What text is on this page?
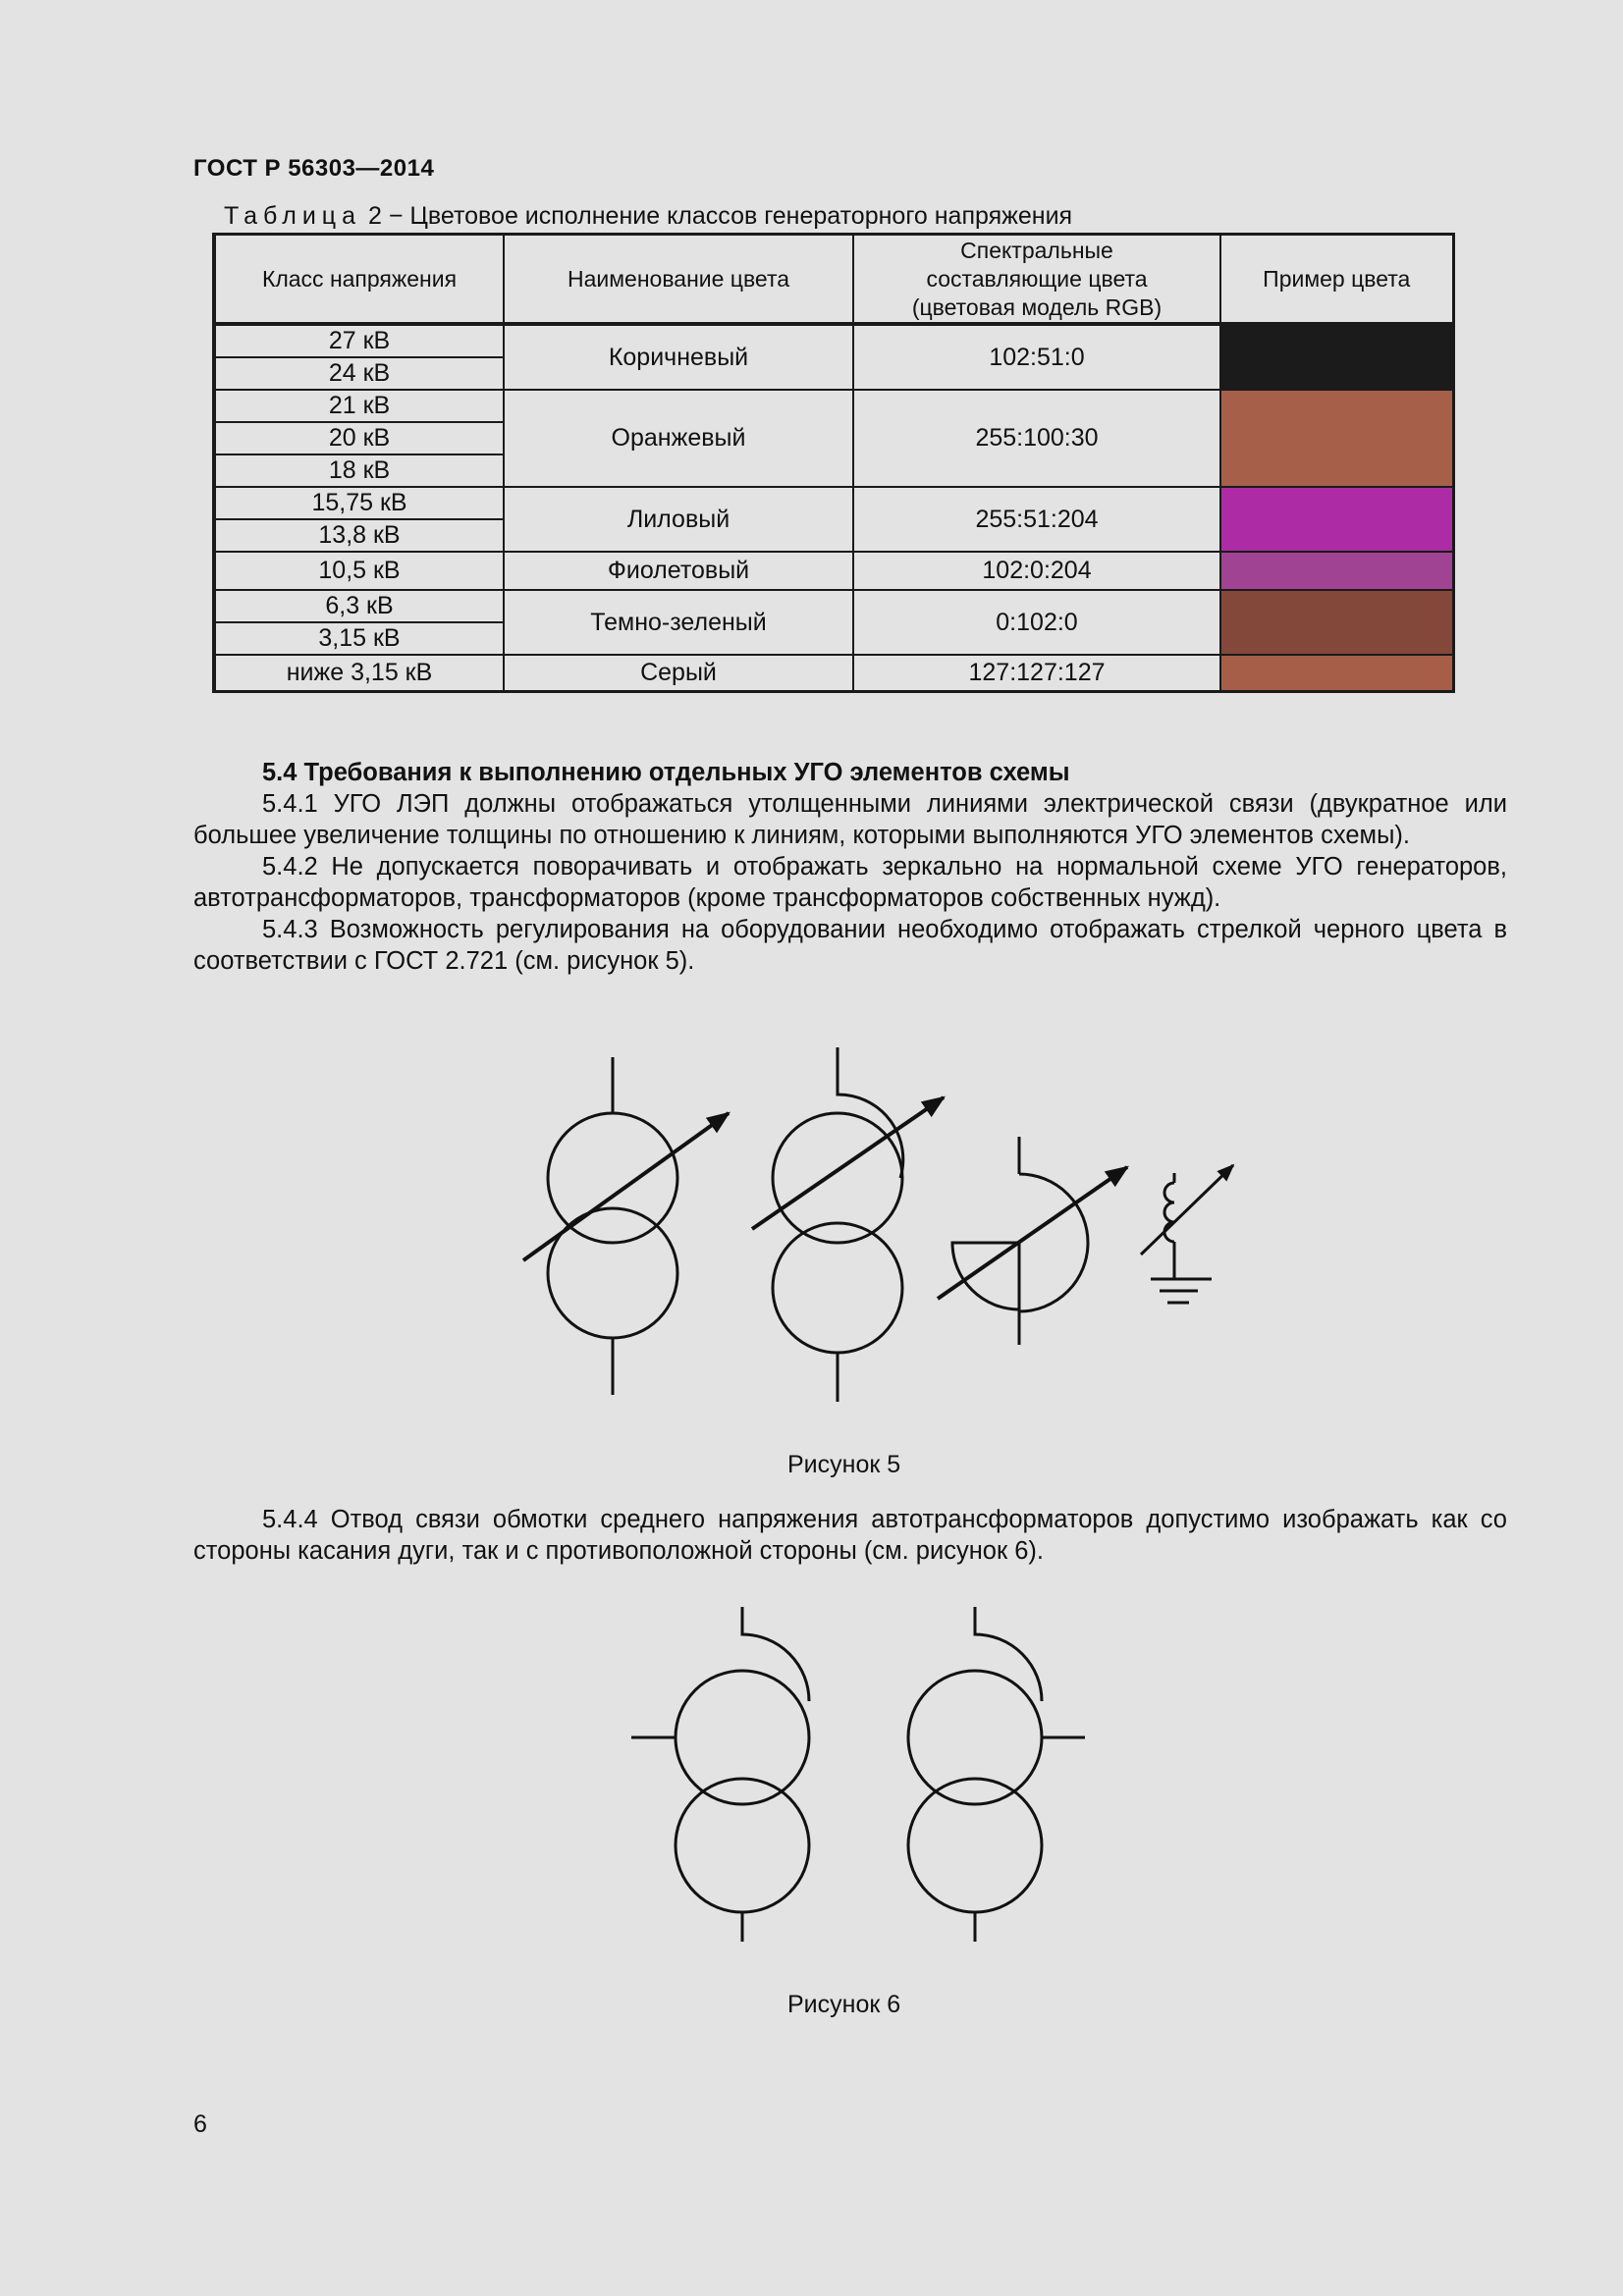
ГОСТ Р 56303—2014
Таблица 2 − Цветовое исполнение классов генераторного напряжения
Класс напряжения	Наименование цвета	Спектральные
составляющие цвета
(цветовая модель RGB)	Пример цвета
27 кВ	Коричневый	102:51:0	
24 кВ			
21 кВ	Оранжевый	255:100:30	
20 кВ			
18 кВ			
15,75 кВ	Лиловый	255:51:204	
13,8 кВ			
10,5 кВ	Фиолетовый	102:0:204	
6,3 кВ	Темно-зеленый	0:102:0	
3,15 кВ			
ниже 3,15 кВ	Серый	127:127:127	
5.4 Требования к выполнению отдельных УГО элементов схемы
5.4.1 УГО ЛЭП должны отображаться утолщенными линиями электрической связи (двукратное или большее увеличение толщины по отношению к линиям, которыми выполняются УГО элементов схемы).
5.4.2 Не допускается поворачивать и отображать зеркально на нормальной схеме УГО генераторов, автотрансформаторов, трансформаторов (кроме трансформаторов собственных нужд).
5.4.3 Возможность регулирования на оборудовании необходимо отображать стрелкой черного цвета в соответствии с ГОСТ 2.721 (см. рисунок 5).
Рисунок 5
5.4.4 Отвод связи обмотки среднего напряжения автотрансформаторов допустимо изображать как со стороны касания дуги, так и с противоположной стороны (см. рисунок 6).
Рисунок 6
6
